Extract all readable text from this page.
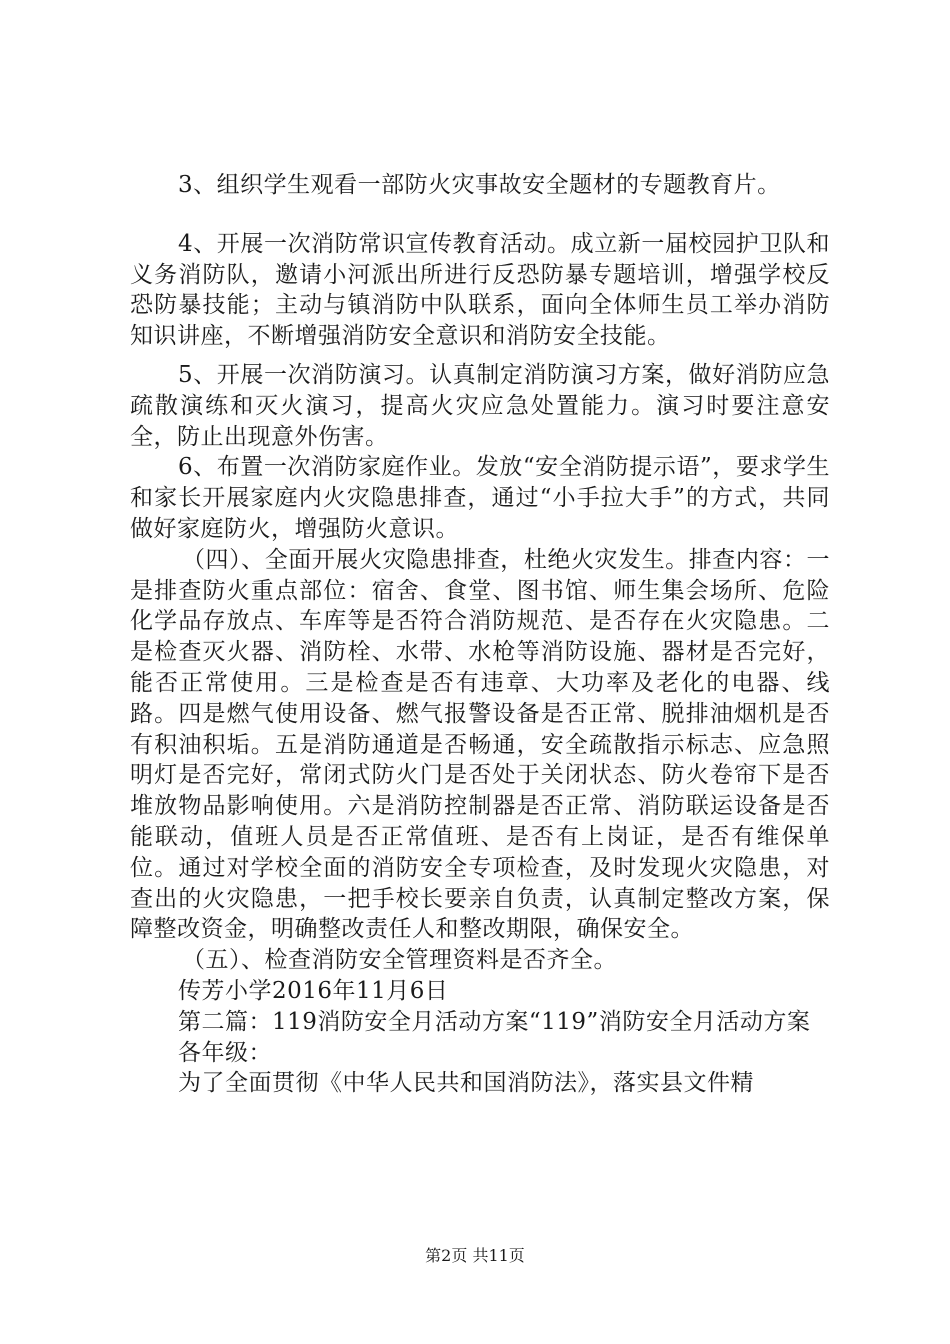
3、组织学生观看一部防火灾事故安全题材的专题教育片。

4、开展一次消防常识宣传教育活动。成立新一届校园护卫队和义务消防队，邀请小河派出所进行反恐防暴专题培训，增强学校反恐防暴技能；主动与镇消防中队联系，面向全体师生员工举办消防知识讲座，不断增强消防安全意识和消防安全技能。

5、开展一次消防演习。认真制定消防演习方案，做好消防应急疏散演练和灭火演习，提高火灾应急处置能力。演习时要注意安全，防止出现意外伤害。

6、布置一次消防家庭作业。发放“安全消防提示语”，要求学生和家长开展家庭内火灾隐患排查，通过“小手拉大手”的方式，共同做好家庭防火，增强防火意识。

（四）、全面开展火灾隐患排查，杜绝火灾发生。排查内容：一是排查防火重点部位：宿舍、食堂、图书馆、师生集会场所、危险化学品存放点、车库等是否符合消防规范、是否存在火灾隐患。二是检查灭火器、消防栓、水带、水枪等消防设施、器材是否完好，能否正常使用。三是检查是否有违章、大功率及老化的电器、线路。四是燃气使用设备、燃气报警设备是否正常、脱排油烟机是否有积油积垢。五是消防通道是否畅通，安全疏散指示标志、应急照明灯是否完好，常闭式防火门是否处于关闭状态、防火卷帘下是否堆放物品影响使用。六是消防控制器是否正常、消防联运设备是否能联动，值班人员是否正常值班、是否有上岗证，是否有维保单位。通过对学校全面的消防安全专项检查，及时发现火灾隐患，对查出的火灾隐患，一把手校长要亲自负责，认真制定整改方案，保障整改资金，明确整改责任人和整改期限，确保安全。

（五）、检查消防安全管理资料是否齐全。

传芳小学2016年11月6日

第二篇：119消防安全月活动方案“119”消防安全月活动方案

各年级：

为了全面贯彻《中华人民共和国消防法》，落实县文件精

第2页 共11页
